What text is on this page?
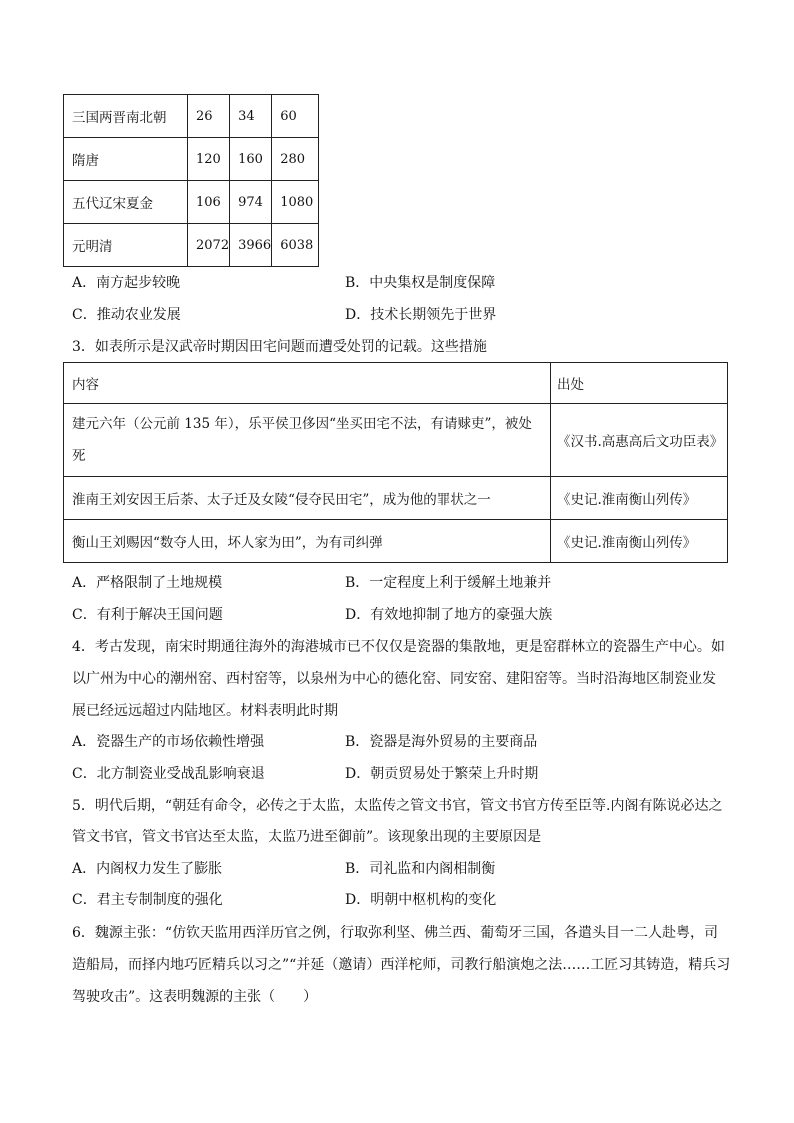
三国两晋南北朝	26	34	60
隋唐	120	160	280
五代辽宋夏金	106	974	1080
元明清	2072	3966	6038
A．南方起步较晚	B．中央集权是制度保障
C．推动农业发展	D．技术长期领先于世界
3．如表所示是汉武帝时期因田宅问题而遭受处罚的记载。这些措施
内容	出处
建元六年（公元前 135 年），乐平侯卫侈因“坐买田宅不法，有请赇吏”，被处
死	《汉书.高惠高后文功臣表》
淮南王刘安因王后荼、太子迁及女陵“侵夺民田宅”，成为他的罪状之一	《史记.淮南衡山列传》
衡山王刘赐因“数夺人田，坏人家为田”，为有司纠弹	《史记.淮南衡山列传》
A．严格限制了土地规模	B．一定程度上利于缓解土地兼并
C．有利于解决王国问题	D．有效地抑制了地方的豪强大族
4．考古发现，南宋时期通往海外的海港城市已不仅仅是瓷器的集散地，更是窑群林立的瓷器生产中心。如
以广州为中心的潮州窑、西村窑等，以泉州为中心的德化窑、同安窑、建阳窑等。当时沿海地区制瓷业发
展已经远远超过内陆地区。材料表明此时期
A．瓷器生产的市场依赖性增强	B．瓷器是海外贸易的主要商品
C．北方制瓷业受战乱影响衰退	D．朝贡贸易处于繁荣上升时期
5．明代后期，“朝廷有命令，必传之于太监，太监传之管文书官，管文书官方传至臣等.内阁有陈说必达之
管文书官，管文书官达至太监，太监乃进至御前”。该现象出现的主要原因是
A．内阁权力发生了膨胀	B．司礼监和内阁相制衡
C．君主专制制度的强化	D．明朝中枢机构的变化
6．魏源主张：“仿钦天监用西洋历官之例，行取弥利坚、佛兰西、葡萄牙三国，各遣头目一二人赴粤，司
造船局，而择内地巧匠精兵以习之”“并延（邀请）西洋柁师，司教行船演炮之法……工匠习其铸造，精兵习
驾驶攻击”。这表明魏源的主张（　　）
